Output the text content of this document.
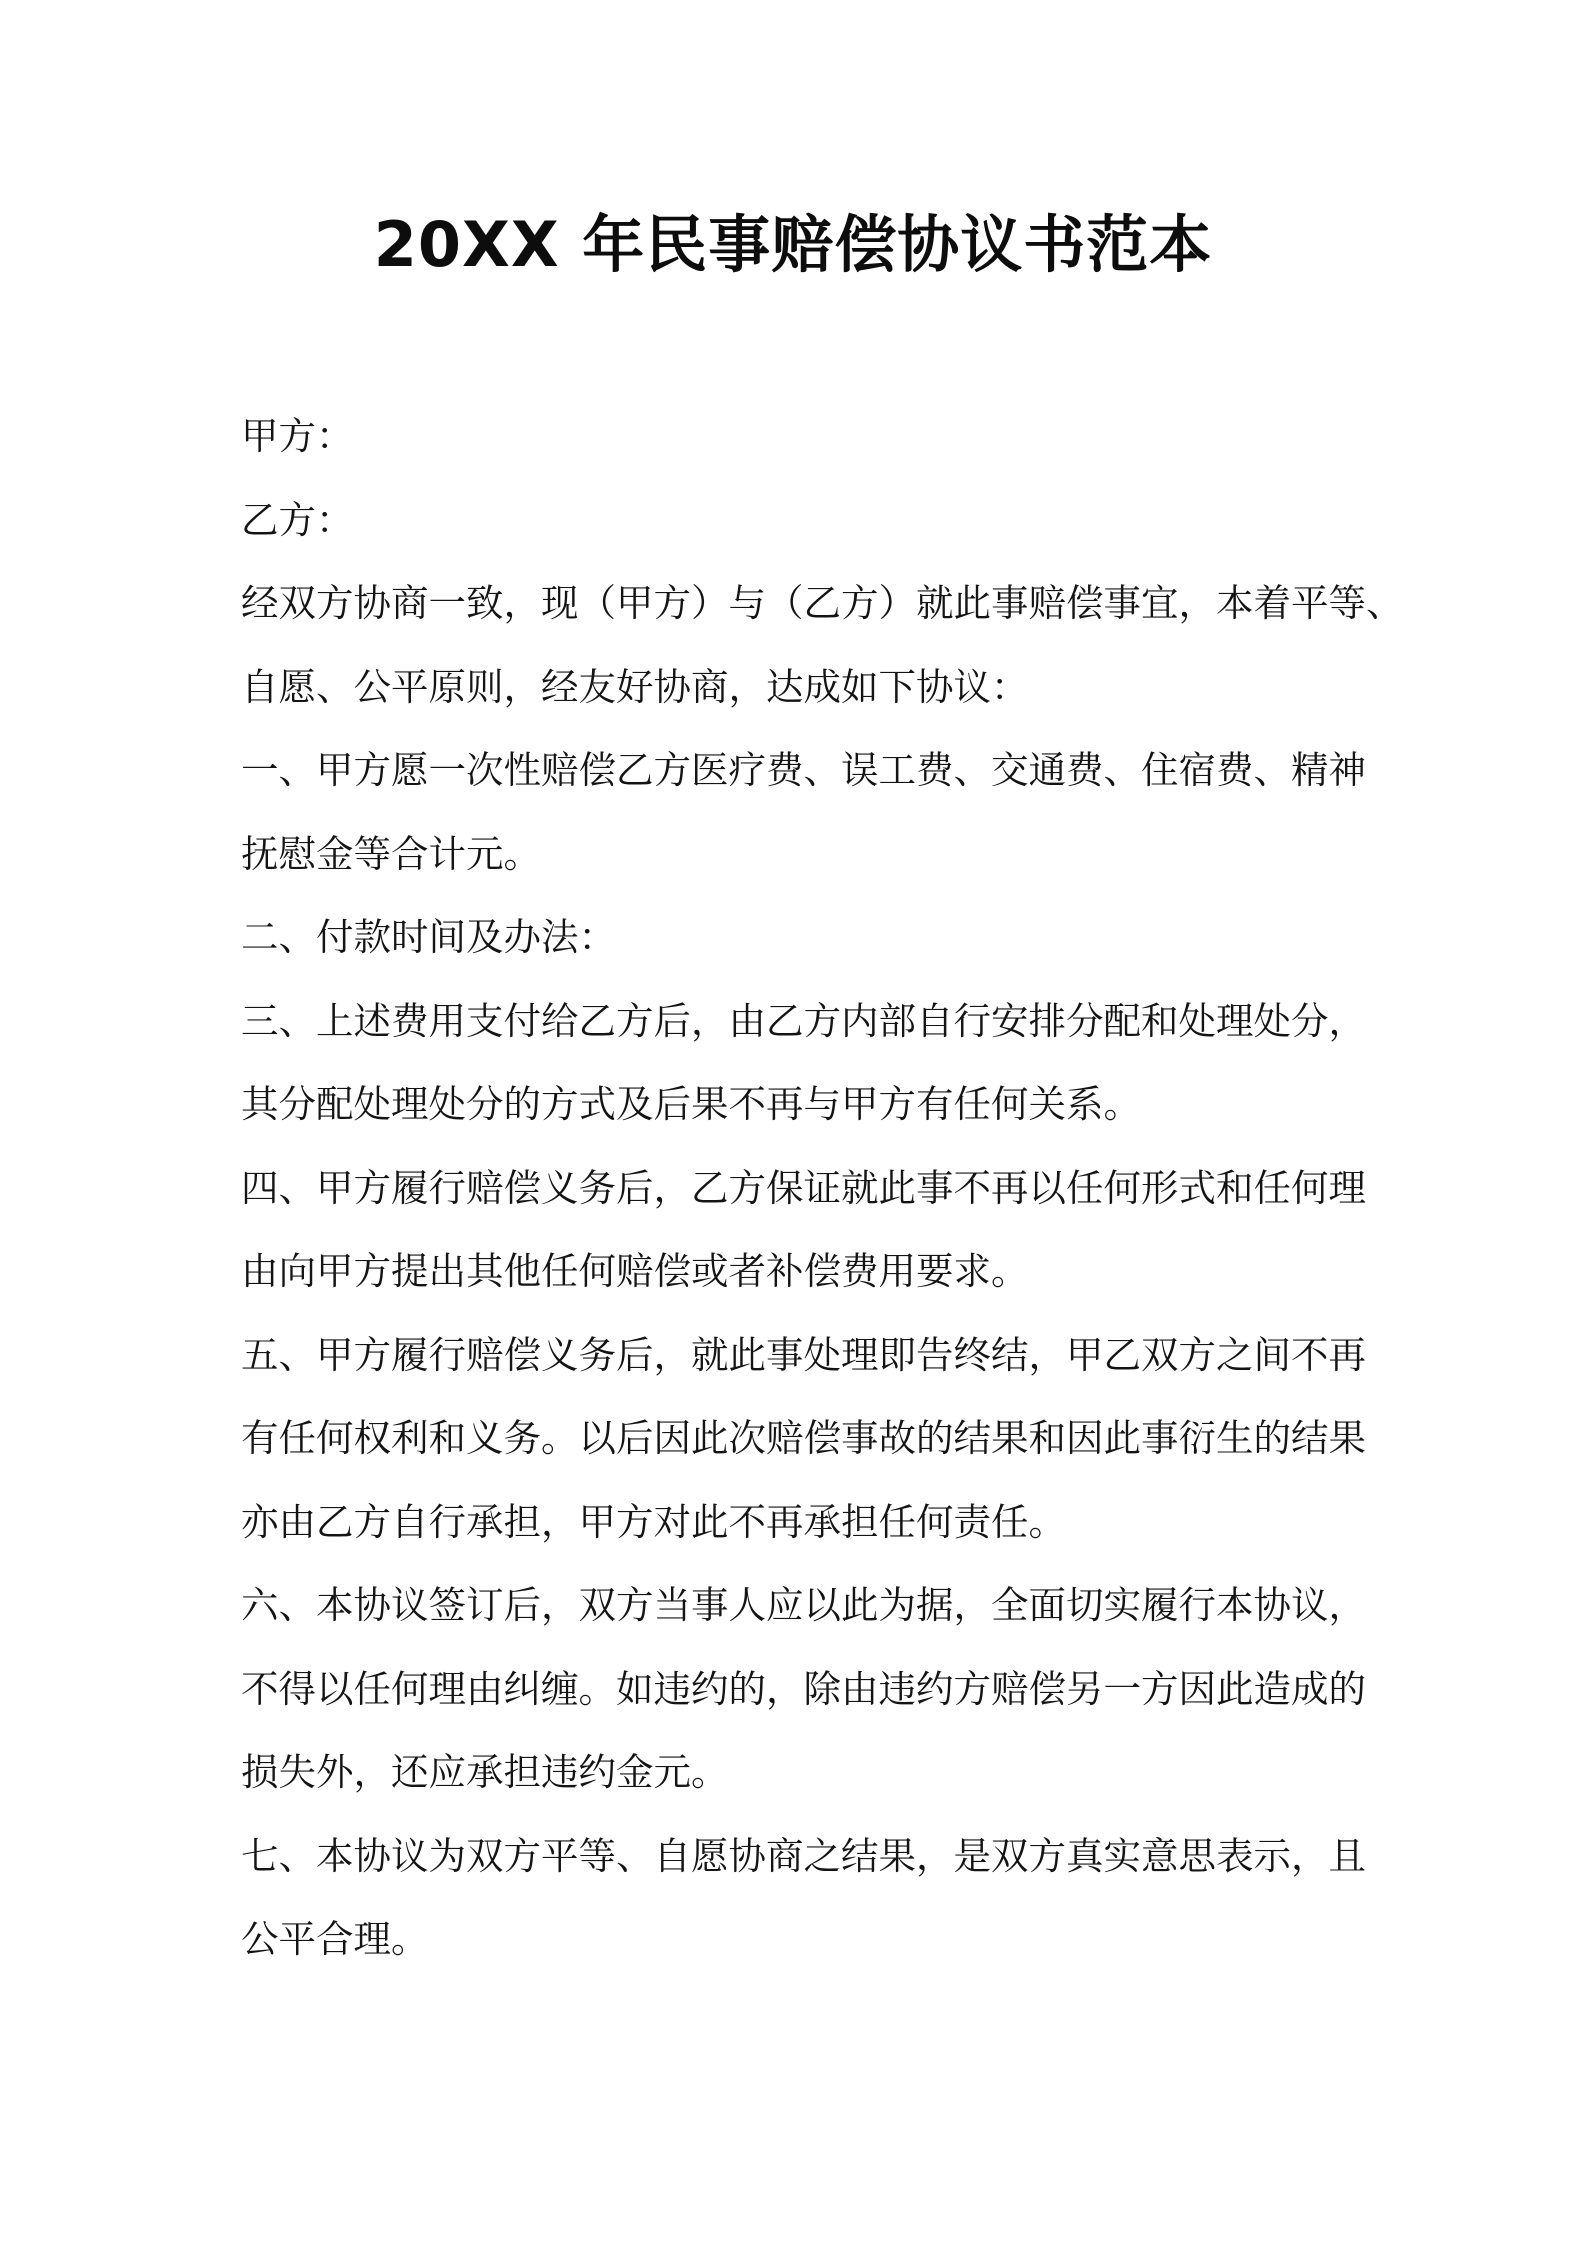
20XX 年民事赔偿协议书范本
甲方：
乙方：
经双方协商一致，现（甲方）与（乙方）就此事赔偿事宜，本着平等、
自愿、公平原则，经友好协商，达成如下协议：
一、甲方愿一次性赔偿乙方医疗费、误工费、交通费、住宿费、精神
抚慰金等合计元。
二、付款时间及办法：
三、上述费用支付给乙方后，由乙方内部自行安排分配和处理处分，
其分配处理处分的方式及后果不再与甲方有任何关系。
四、甲方履行赔偿义务后，乙方保证就此事不再以任何形式和任何理
由向甲方提出其他任何赔偿或者补偿费用要求。
五、甲方履行赔偿义务后，就此事处理即告终结，甲乙双方之间不再
有任何权利和义务。以后因此次赔偿事故的结果和因此事衍生的结果
亦由乙方自行承担，甲方对此不再承担任何责任。
六、本协议签订后，双方当事人应以此为据，全面切实履行本协议，
不得以任何理由纠缠。如违约的，除由违约方赔偿另一方因此造成的
损失外，还应承担违约金元。
七、本协议为双方平等、自愿协商之结果，是双方真实意思表示，且
公平合理。
